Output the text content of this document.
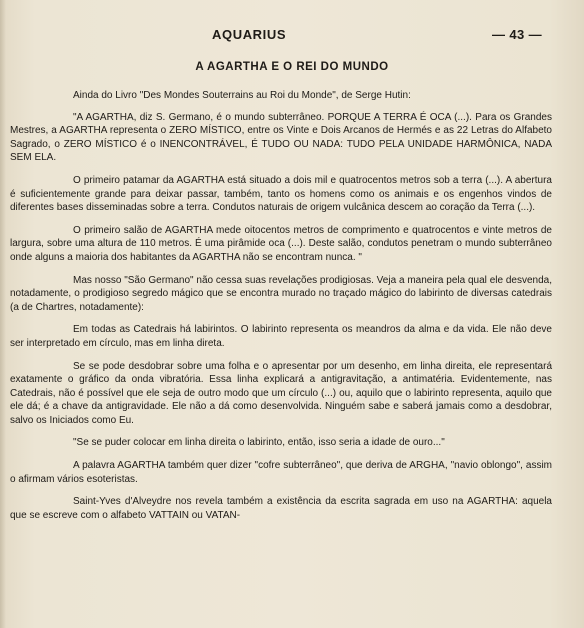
AQUARIUS	— 43 —
A AGARTHA E O REI DO MUNDO

Ainda do Livro "Des Mondes Souterrains au Roi du Monde", de Serge Hutin:

"A AGARTHA, diz S. Germano, é o mundo subterrâneo. PORQUE A TERRA É OCA (...). Para os Grandes Mestres, a AGARTHA representa o ZERO MÍSTICO, entre os Vinte e Dois Arcanos de Hermés e as 22 Letras do Alfabeto Sagrado, o ZERO MÍSTICO é o INENCONTRÁVEL, É TUDO OU NADA: TUDO PELA UNIDADE HARMÔNICA, NADA SEM ELA.

O primeiro patamar da AGARTHA está situado a dois mil e quatrocentos metros sob a terra (...). A abertura é suficientemente grande para deixar passar, também, tanto os homens como os animais e os engenhos vindos de diferentes bases disseminadas sobre a terra. Condutos naturais de origem vulcânica descem ao coração da Terra (...).

O primeiro salão de AGARTHA mede oitocentos metros de comprimento e quatrocentos e vinte metros de largura, sobre uma altura de 110 metros. É uma pirâmide oca (...). Deste salão, condutos penetram o mundo subterrâneo onde alguns a maioria dos habitantes da AGARTHA não se encontram nunca. "

Mas nosso "São Germano" não cessa suas revelações prodigiosas. Veja a maneira pela qual ele desvenda, notadamente, o prodigioso segredo mágico que se encontra murado no traçado mágico do labirinto de diversas catedrais (a de Chartres, notadamente):

Em todas as Catedrais há labirintos. O labirinto representa os meandros da alma e da vida. Ele não deve ser interpretado em círculo, mas em linha direta.

Se se pode desdobrar sobre uma folha e o apresentar por um desenho, em linha direita, ele representará exatamente o gráfico da onda vibratória. Essa linha explicará a antigravitação, a antimatéria. Evidentemente, nas Catedrais, não é possível que ele seja de outro modo que um círculo (...) ou, aquilo que o labirinto representa, aquilo que ele dá; é a chave da antigravidade. Ele não a dá como desenvolvida. Ninguém sabe e saberá jamais como a desdobrar, salvo os Iniciados como Eu.

"Se se puder colocar em linha direita o labirinto, então, isso seria a idade de ouro..."

A palavra AGARTHA também quer dizer "cofre subterrâneo", que deriva de ARGHA, "navio oblongo", assim o afirmam vários esoteristas.

Saint-Yves d'Alveydre nos revela também a existência da escrita sagrada em uso na AGARTHA: aquela que se escreve com o alfabeto VATTAIN ou VATAN-
